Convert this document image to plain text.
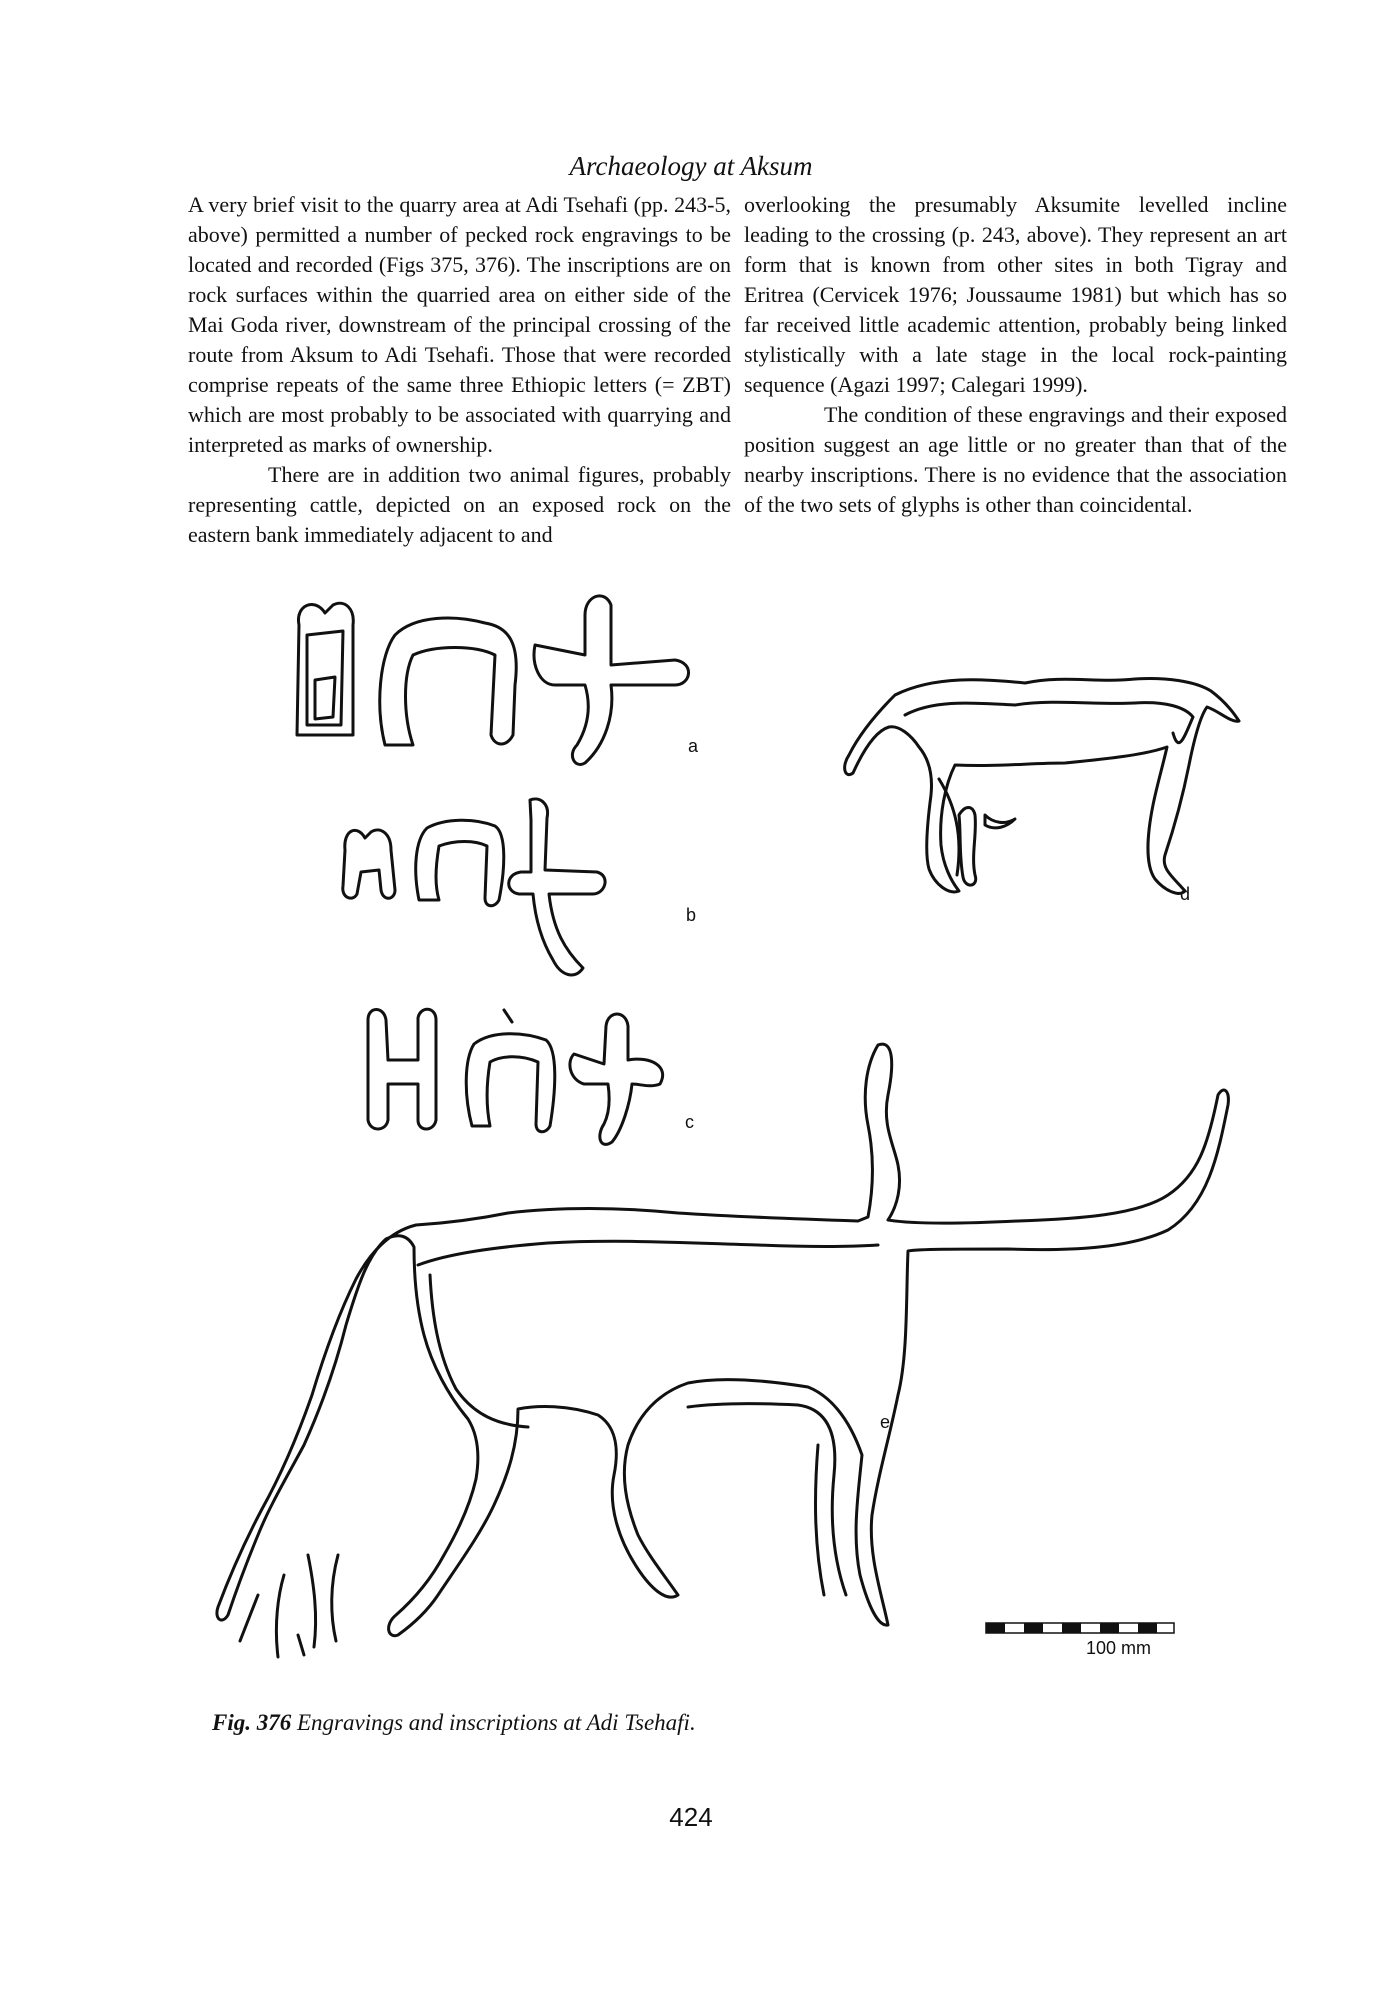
Archaeology at Aksum

A very brief visit to the quarry area at Adi Tsehafi (pp. 243-5, above) permitted a number of pecked rock engravings to be located and recorded (Figs 375, 376). The inscriptions are on rock surfaces within the quarried area on either side of the Mai Goda river, downstream of the principal crossing of the route from Aksum to Adi Tsehafi. Those that were recorded comprise repeats of the same three Ethiopic letters (= ZBT) which are most probably to be associated with quarrying and interpreted as marks of ownership.

There are in addition two animal figures, probably representing cattle, depicted on an exposed rock on the eastern bank immediately adjacent to and

overlooking the presumably Aksumite levelled incline leading to the crossing (p. 243, above). They represent an art form that is known from other sites in both Tigray and Eritrea (Cervicek 1976; Joussaume 1981) but which has so far received little academic attention, probably being linked stylistically with a late stage in the local rock-painting sequence (Agazi 1997; Calegari 1999).

The condition of these engravings and their exposed position suggest an age little or no greater than that of the nearby inscriptions. There is no evidence that the association of the two sets of glyphs is other than coincidental.

a
b
c
d
e
100 mm
Fig. 376 Engravings and inscriptions at Adi Tsehafi.
424
